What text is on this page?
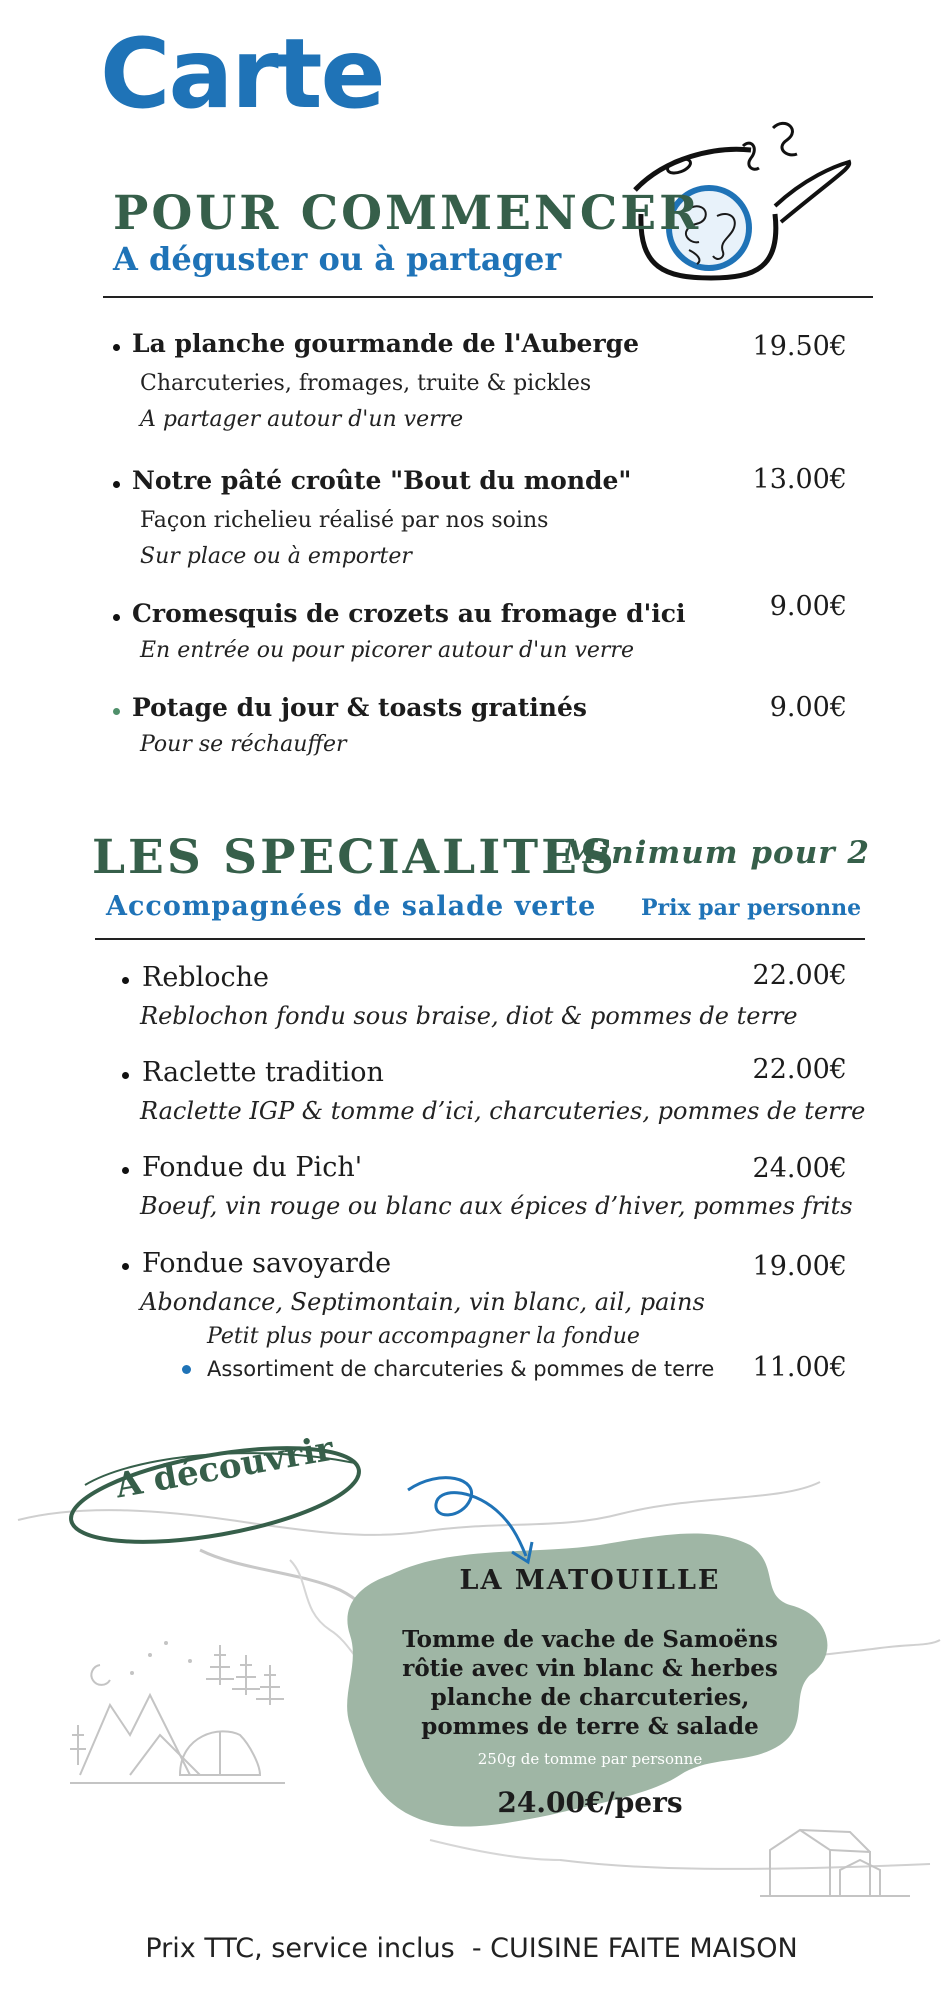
Carte
POUR COMMENCER
A déguster ou à partager
La planche gourmande de l'Auberge	19.50€
Charcuteries, fromages, truite & pickles
A partager autour d'un verre
Notre pâté croûte "Bout du monde"	13.00€
Façon richelieu réalisé par nos soins
Sur place ou à emporter
Cromesquis de crozets au fromage d'ici	9.00€
En entrée ou pour picorer autour d'un verre
Potage du jour & toasts gratinés	9.00€
Pour se réchauffer
LES SPECIALITES
Minimum pour 2
Accompagnées de salade verte Prix par personne
Rebloche	22.00€
Reblochon fondu sous braise, diot & pommes de terre
Raclette tradition	22.00€
Raclette IGP & tomme d’ici, charcuteries, pommes de terre
Fondue du Pich'	24.00€
Boeuf, vin rouge ou blanc aux épices d’hiver, pommes frits
Fondue savoyarde	19.00€
Abondance, Septimontain, vin blanc, ail, pains
Petit plus pour accompagner la fondue
Assortiment de charcuteries & pommes de terre	11.00€
A découvrir
LA MATOUILLE
Tomme de vache de Samoëns
rôtie avec vin blanc & herbes
planche de charcuteries,
pommes de terre & salade
250g de tomme par personne
24.00€/pers
Prix TTC, service inclus  - CUISINE FAITE MAISON
